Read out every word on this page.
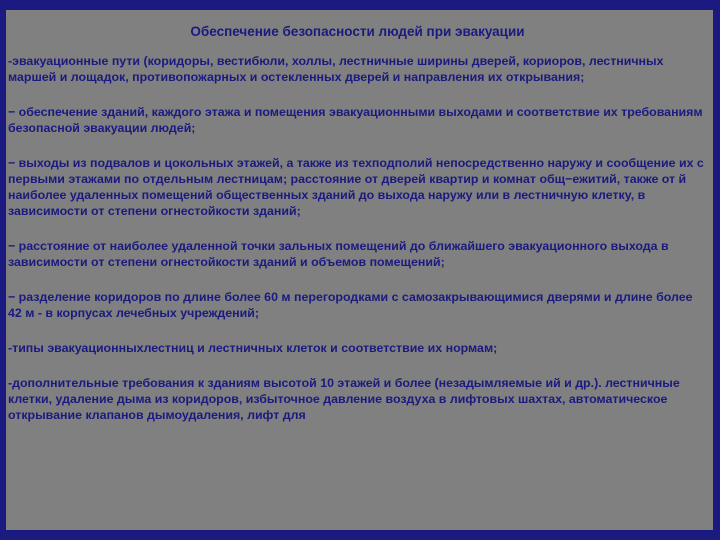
Обеспечение безопасности людей при эвакуации
-эвакуационные пути (коридоры, вестибюли, холлы, лестничные ширины дверей, кориоров, лестничных маршей и лощадок, противопожарных и остекленных дверей и направления их открывания;
− обеспечение зданий, каждого этажа и помещения эвакуационными выходами и соответствие их требованиям безопасной эвакуации людей;
− выходы из подвалов и цокольных этажей, а также из техподполий непосредственно наружу и сообщение их с первыми этажами по отдельным лестницам; расстояние от дверей квартир и комнат общ−ежитий, также от й наиболее удаленных помещений общественных зданий до выхода наружу или в лестничную клетку, в зависимости от степени огнестойкости зданий;
− расстояние от наиболее удаленной точки зальных помещений до ближайшего эвакуационного выхода в зависимости от степени огнестойкости зданий и объемов помещений;
− разделение коридоров по длине более 60 м перегородками с самозакрывающимися дверями и длине более 42 м - в корпусах лечебных учреждений;
-типы эвакуационныхлестниц и лестничных клеток и соответствие их нормам;
-дополнительные требования к зданиям высотой 10 этажей и более (незадымляемые ий и др.). лестничные клетки, удаление дыма из коридоров, избыточное давление воздуха в лифтовых шахтах, автоматическое открывание клапанов дымоудаления, лифт для
